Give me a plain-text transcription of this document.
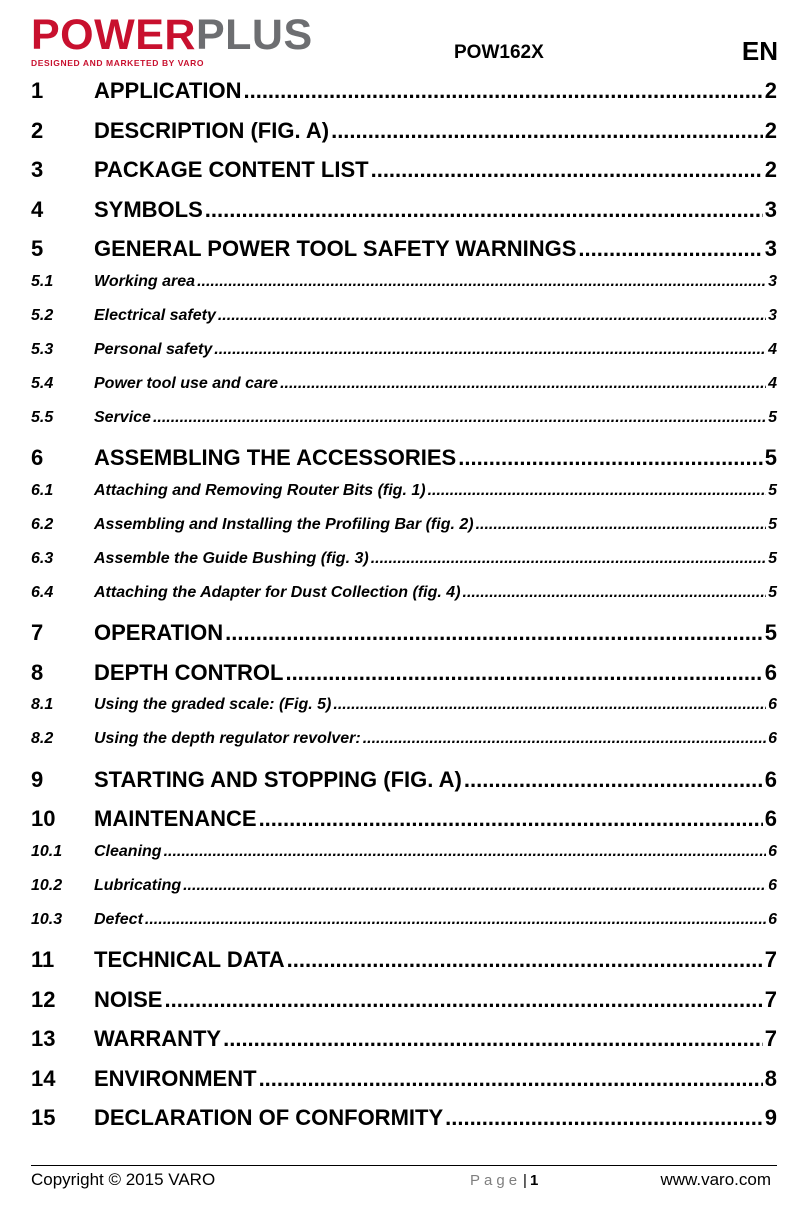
POWERPLUS
DESIGNED AND MARKETED BY VARO	POW162X	EN
1	APPLICATION .....	2
2	DESCRIPTION (FIG. A) .....	2
3	PACKAGE CONTENT LIST .....	2
4	SYMBOLS .....	3
5	GENERAL POWER TOOL SAFETY WARNINGS .....	3
5.1	Working area .....	3
5.2	Electrical safety .....	3
5.3	Personal safety .....	4
5.4	Power tool use and care .....	4
5.5	Service .....	5
6	ASSEMBLING THE ACCESSORIES .....	5
6.1	Attaching and Removing Router Bits (fig. 1) .....	5
6.2	Assembling and Installing the Profiling Bar (fig. 2) .....	5
6.3	Assemble the Guide Bushing (fig. 3) .....	5
6.4	Attaching the Adapter for Dust Collection (fig. 4) .....	5
7	OPERATION .....	5
8	DEPTH CONTROL .....	6
8.1	Using the graded scale: (Fig. 5) .....	6
8.2	Using the depth regulator revolver: .....	6
9	STARTING AND STOPPING (FIG. A) .....	6
10	MAINTENANCE .....	6
10.1	Cleaning .....	6
10.2	Lubricating .....	6
10.3	Defect .....	6
11	TECHNICAL DATA .....	7
12	NOISE .....	7
13	WARRANTY .....	7
14	ENVIRONMENT .....	8
15	DECLARATION OF CONFORMITY .....	9
Copyright © 2015 VARO	Page | 1	www.varo.com
